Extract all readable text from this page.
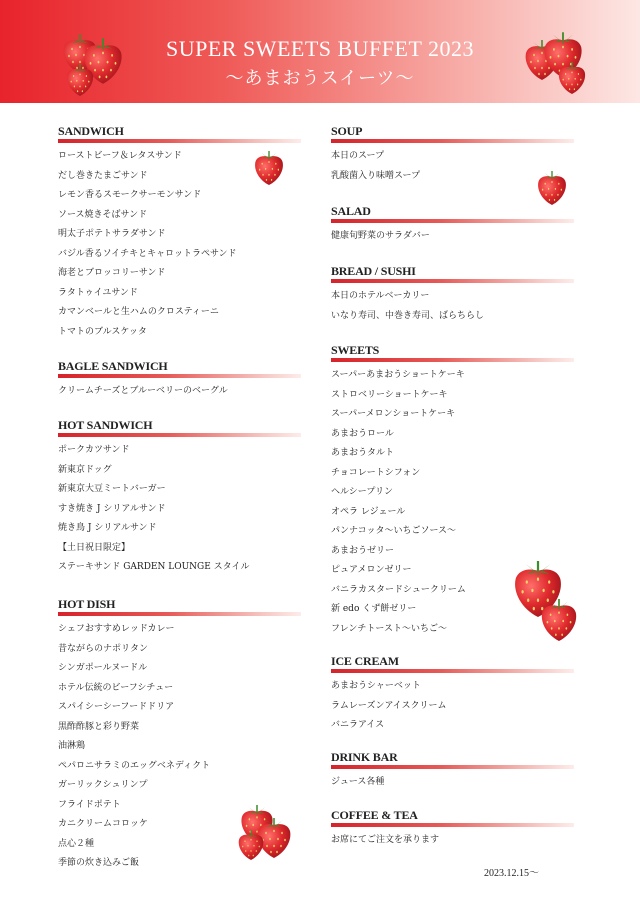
SUPER SWEETS BUFFET 2023
～あまおうスイーツ～
SANDWICH
ローストビーフ＆レタスサンド
だし巻きたまごサンド
レモン香るスモークサーモンサンド
ソース焼きそばサンド
明太子ポテトサラダサンド
バジル香るソイチキとキャロットラペサンド
海老とブロッコリーサンド
ラタトゥイユサンド
カマンベールと生ハムのクロスティーニ
トマトのブルスケッタ
BAGLE SANDWICH
クリームチーズとブルーベリーのベーグル
HOT SANDWICH
ポークカツサンド
新東京ドッグ
新東京大豆ミートバーガー
すき焼き J シリアルサンド
焼き鳥 J シリアルサンド
【土日祝日限定】
ステーキサンド GARDEN LOUNGE スタイル
HOT DISH
シェフおすすめレッドカレー
昔ながらのナポリタン
シンガポールヌードル
ホテル伝統のビーフシチュー
スパイシーシーフードドリア
黒酢酢豚と彩り野菜
油淋鶏
ペパロニサラミのエッグベネディクト
ガーリックシュリンプ
フライドポテト
カニクリームコロッケ
点心２種
季節の炊き込みご飯
SOUP
本日のスープ
乳酸菌入り味噌スープ
SALAD
健康旬野菜のサラダバー
BREAD / SUSHI
本日のホテルベーカリー
いなり寿司、中巻き寿司、ばらちらし
SWEETS
スーパーあまおうショートケーキ
ストロベリーショートケーキ
スーパーメロンショートケーキ
あまおうロール
あまおうタルト
チョコレートシフォン
ヘルシープリン
オペラ レジェール
パンナコッタ～いちごソース～
あまおうゼリー
ピュアメロンゼリー
バニラカスタードシュークリーム
新 edo くず餅ゼリー
フレンチトースト～いちご～
ICE CREAM
あまおうシャーベット
ラムレーズンアイスクリーム
バニラアイス
DRINK BAR
ジュース各種
COFFEE & TEA
お席にてご注文を承ります
2023.12.15～
